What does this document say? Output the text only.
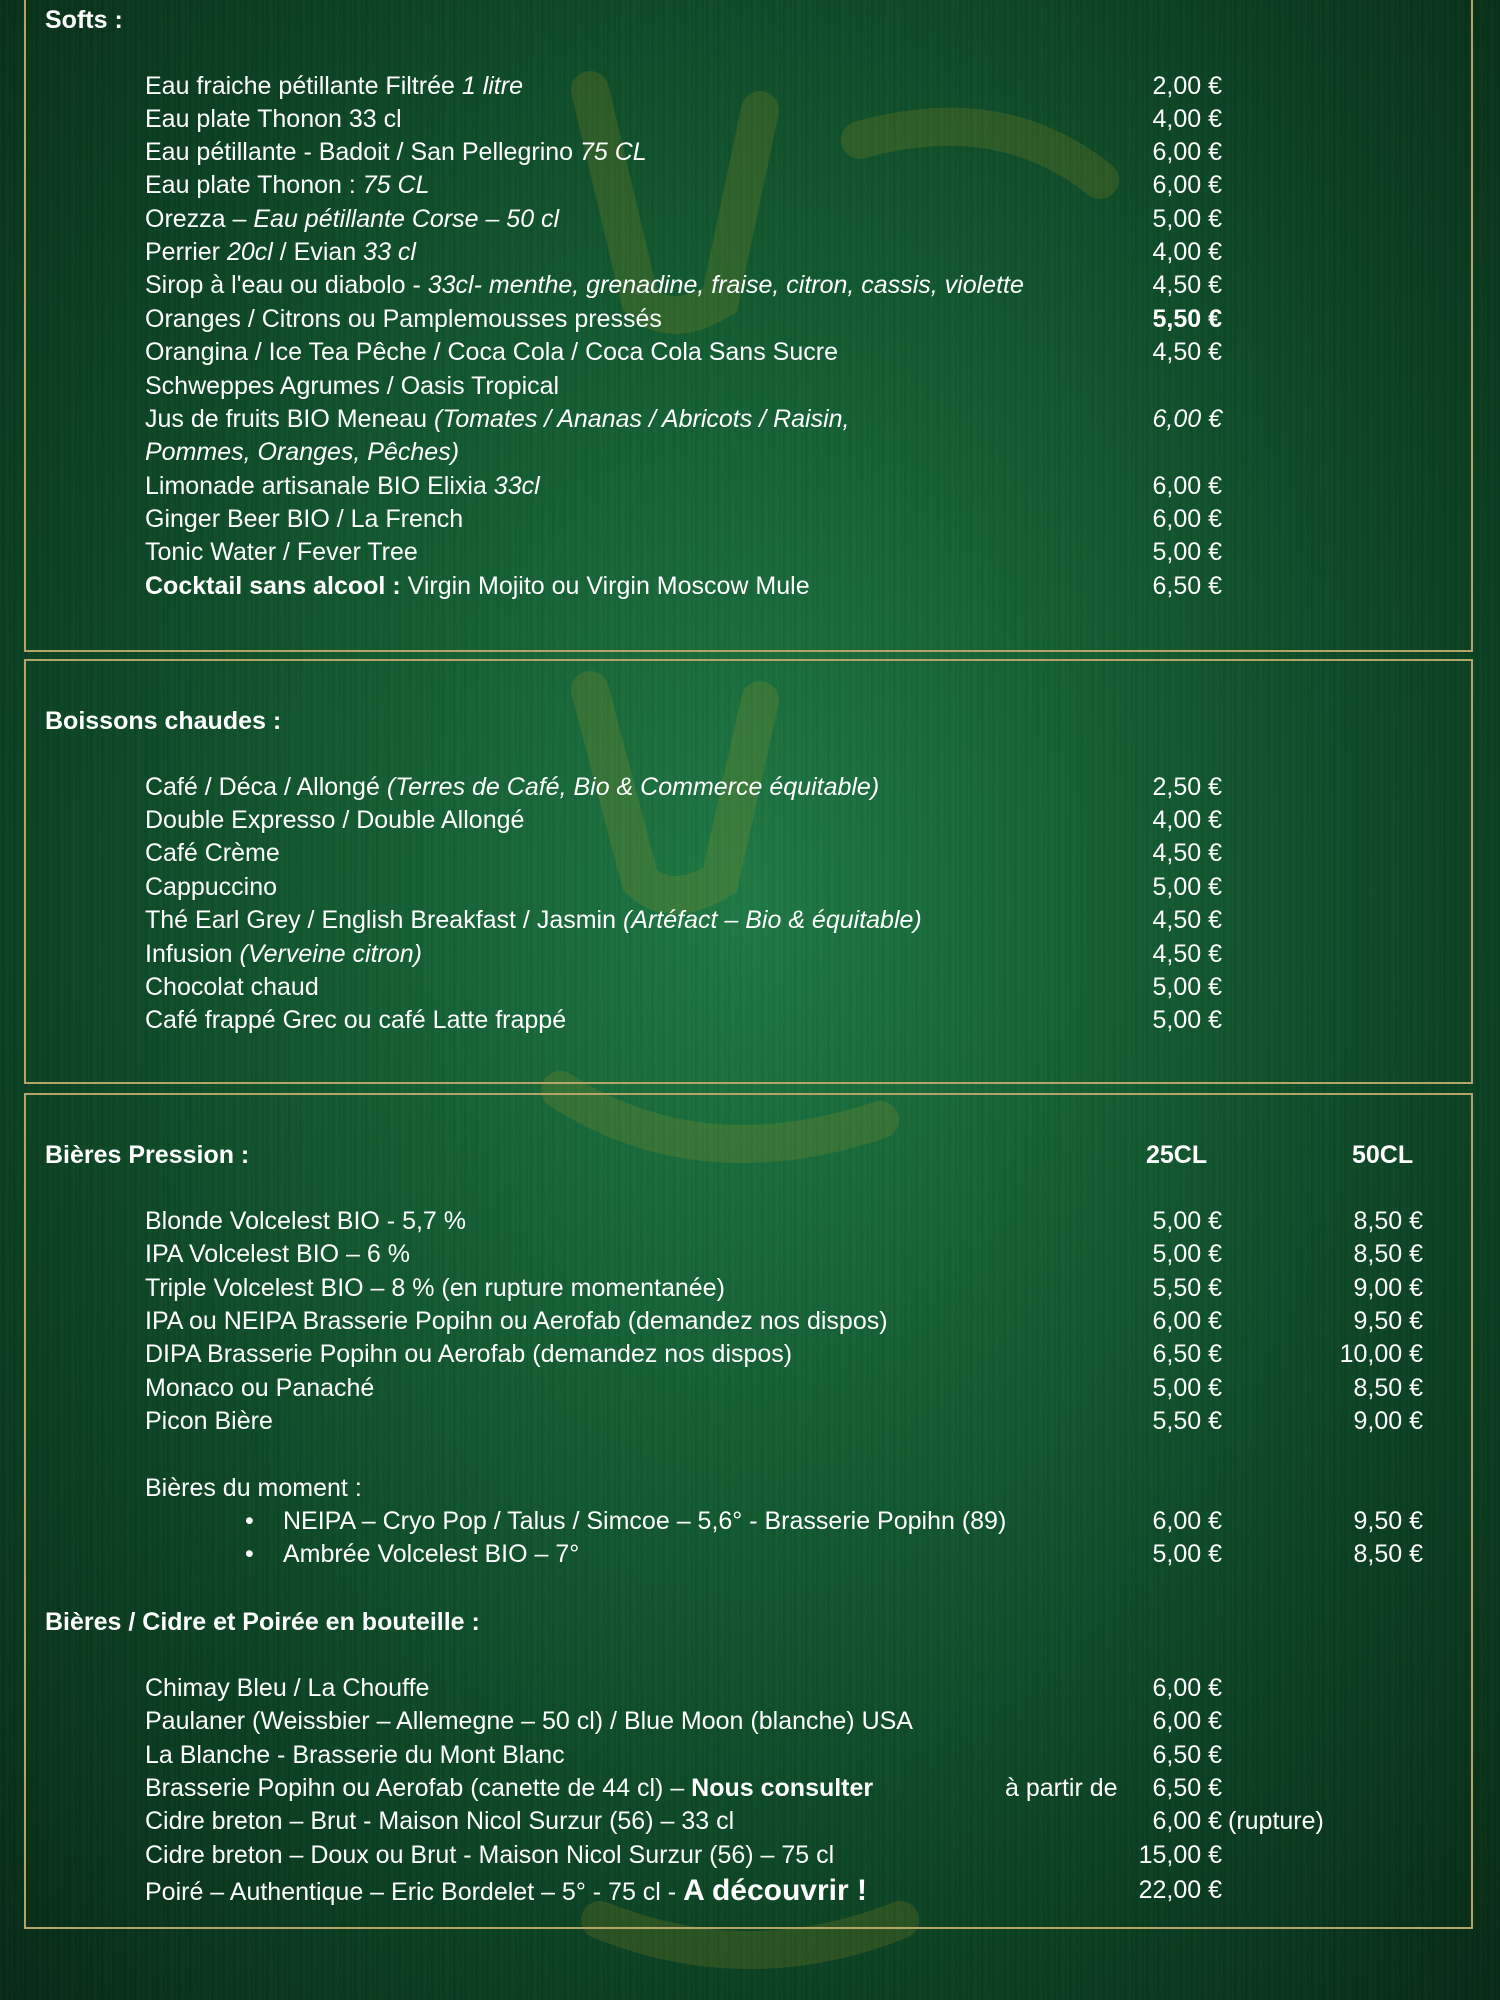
Softs :
Eau fraiche pétillante Filtrée 1 litre	2,00 €
Eau plate Thonon 33 cl	4,00 €
Eau pétillante - Badoit / San Pellegrino 75 CL	6,00 €
Eau plate Thonon : 75 CL	6,00 €
Orezza – Eau pétillante Corse – 50 cl	5,00 €
Perrier 20cl / Evian 33 cl	4,00 €
Sirop à l'eau ou diabolo - 33cl- menthe, grenadine, fraise, citron, cassis, violette	4,50 €
Oranges / Citrons ou Pamplemousses pressés	5,50 €
Orangina / Ice Tea Pêche / Coca Cola / Coca Cola Sans Sucre	4,50 €
Schweppes Agrumes / Oasis Tropical
Jus de fruits BIO Meneau (Tomates / Ananas / Abricots / Raisin,	6,00 €
Pommes, Oranges, Pêches)
Limonade artisanale BIO Elixia 33cl	6,00 €
Ginger Beer BIO / La French	6,00 €
Tonic Water / Fever Tree	5,00 €
Cocktail sans alcool : Virgin Mojito ou Virgin Moscow Mule	6,50 €
Boissons chaudes :
Café / Déca / Allongé (Terres de Café, Bio & Commerce équitable)	2,50 €
Double Expresso / Double Allongé	4,00 €
Café Crème	4,50 €
Cappuccino	5,00 €
Thé Earl Grey / English Breakfast / Jasmin (Artéfact – Bio & équitable)	4,50 €
Infusion (Verveine citron)	4,50 €
Chocolat chaud	5,00 €
Café frappé Grec ou café Latte frappé	5,00 €
Bières Pression :	25CL	50CL
Blonde Volcelest BIO - 5,7 %	5,00 €	8,50 €
IPA Volcelest BIO – 6 %	5,00 €	8,50 €
Triple Volcelest BIO – 8 % (en rupture momentanée)	5,50 €	9,00 €
IPA ou NEIPA Brasserie Popihn ou Aerofab (demandez nos dispos)	6,00 €	9,50 €
DIPA Brasserie Popihn ou Aerofab (demandez nos dispos)	6,50 €	10,00 €
Monaco ou Panaché	5,00 €	8,50 €
Picon Bière	5,50 €	9,00 €
Bières du moment :
• NEIPA – Cryo Pop / Talus / Simcoe – 5,6° - Brasserie Popihn (89)	6,00 €	9,50 €
• Ambrée Volcelest BIO – 7°	5,00 €	8,50 €
Bières / Cidre et Poirée en bouteille :
Chimay Bleu / La Chouffe	6,00 €
Paulaner (Weissbier – Allemegne – 50 cl) / Blue Moon (blanche) USA	6,00 €
La Blanche - Brasserie du Mont Blanc	6,50 €
Brasserie Popihn ou Aerofab (canette de 44 cl) – Nous consulter	à partir de	6,50 €
Cidre breton – Brut - Maison Nicol Surzur (56) – 33 cl	6,00 € (rupture)
Cidre breton – Doux ou Brut - Maison Nicol Surzur (56) – 75 cl	15,00 €
Poiré – Authentique – Eric Bordelet – 5° - 75 cl - A découvrir !	22,00 €
